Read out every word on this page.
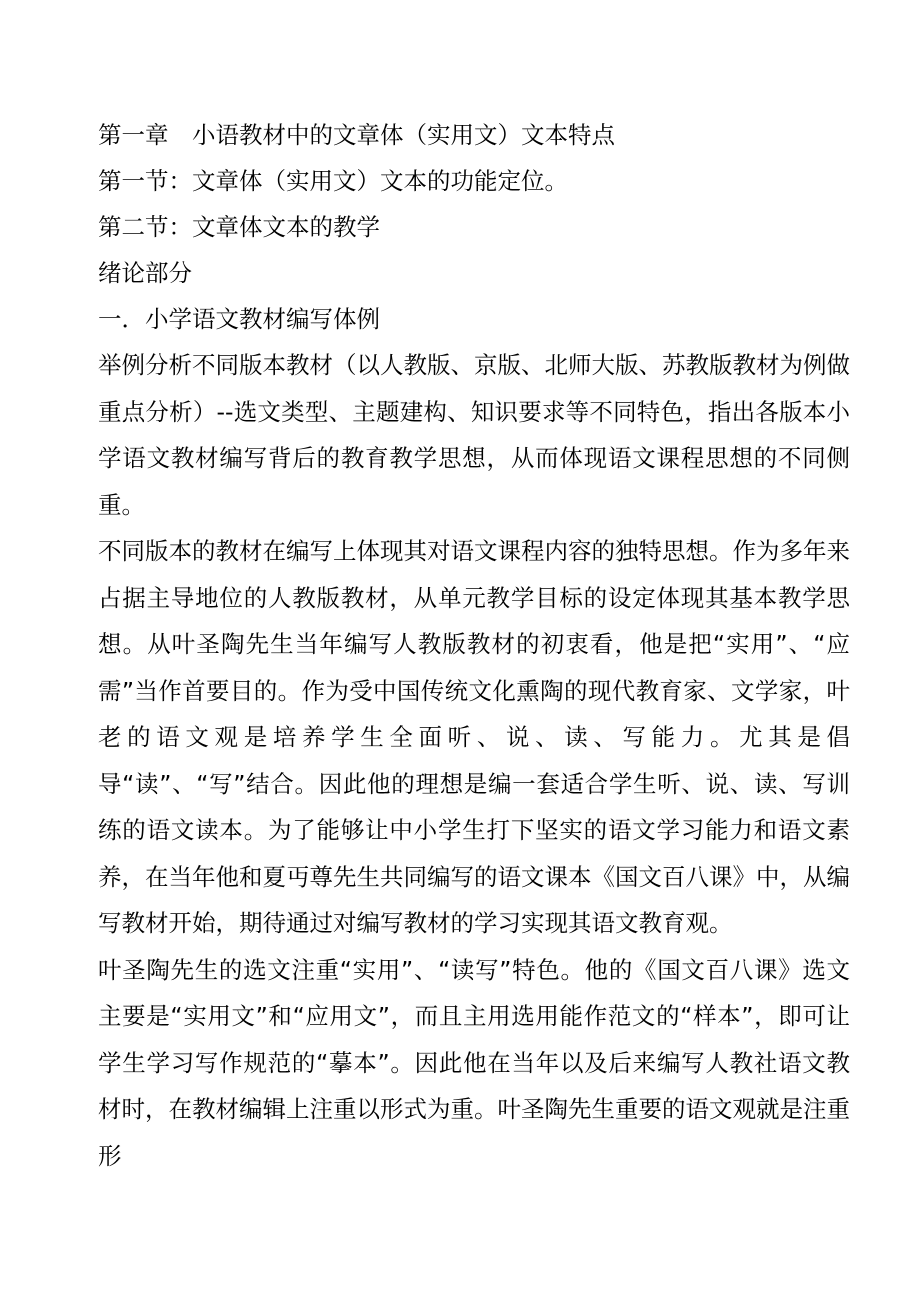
第一章　小语教材中的文章体（实用文）文本特点

第一节：文章体（实用文）文本的功能定位。

第二节：文章体文本的教学

绪论部分

一．小学语文教材编写体例

举例分析不同版本教材（以人教版、京版、北师大版、苏教版教材为例做重点分析）--选文类型、主题建构、知识要求等不同特色，指出各版本小学语文教材编写背后的教育教学思想，从而体现语文课程思想的不同侧重。

不同版本的教材在编写上体现其对语文课程内容的独特思想。作为多年来占据主导地位的人教版教材，从单元教学目标的设定体现其基本教学思想。从叶圣陶先生当年编写人教版教材的初衷看，他是把“实用”、“应需”当作首要目的。作为受中国传统文化熏陶的现代教育家、文学家，叶老的语文观是培养学生全面听、说、读、写能力。尤其是倡导“读”、“写”结合。因此他的理想是编一套适合学生听、说、读、写训练的语文读本。为了能够让中小学生打下坚实的语文学习能力和语文素养，在当年他和夏丏尊先生共同编写的语文课本《国文百八课》中，从编写教材开始，期待通过对编写教材的学习实现其语文教育观。

叶圣陶先生的选文注重“实用”、“读写”特色。他的《国文百八课》选文主要是“实用文”和“应用文”，而且主用选用能作范文的“样本”，即可让学生学习写作规范的“摹本”。因此他在当年以及后来编写人教社语文教材时，在教材编辑上注重以形式为重。叶圣陶先生重要的语文观就是注重形
